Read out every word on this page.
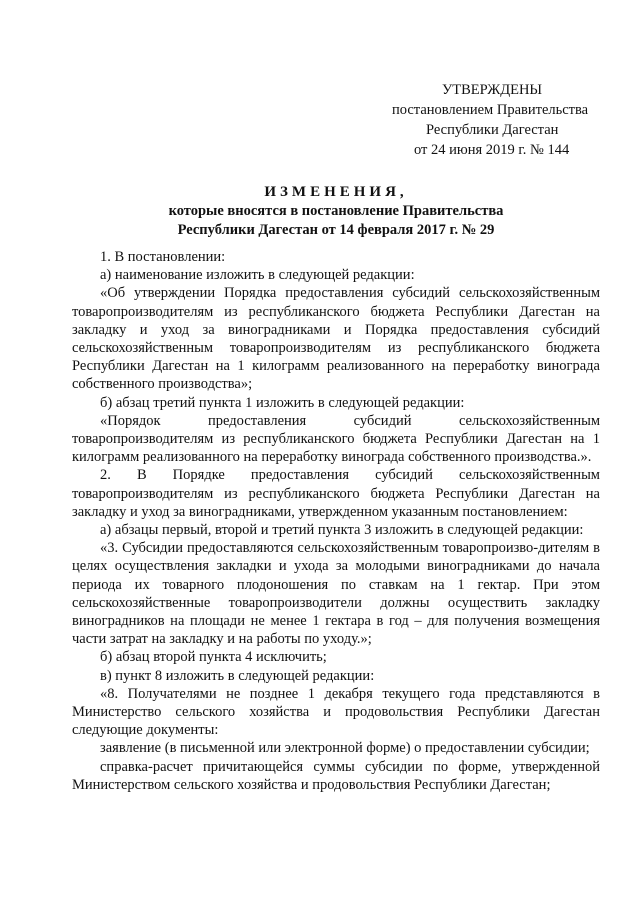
УТВЕРЖДЕНЫ
постановлением Правительства
Республики Дагестан
от 24 июня 2019 г. № 144
ИЗМЕНЕНИЯ,
которые вносятся в постановление Правительства
Республики Дагестан от 14 февраля 2017 г. № 29

1. В постановлении:

а) наименование изложить в следующей редакции:

«Об утверждении Порядка предоставления субсидий сельскохозяйственным товаропроизводителям из республиканского бюджета Республики Дагестан на закладку и уход за виноградниками и Порядка предоставления субсидий сельскохозяйственным товаропроизводителям из республиканского бюджета Республики Дагестан на 1 килограмм реализованного на переработку винограда собственного производства»;

б) абзац третий пункта 1 изложить в следующей редакции:

«Порядок предоставления субсидий сельскохозяйственным товаропроизводителям из республиканского бюджета Республики Дагестан на 1 килограмм реализованного на переработку винограда собственного производства.».

2. В Порядке предоставления субсидий сельскохозяйственным товаропроизводителям из республиканского бюджета Республики Дагестан на закладку и уход за виноградниками, утвержденном указанным постановлением:

а) абзацы первый, второй и третий пункта 3 изложить в следующей редакции:

«3. Субсидии предоставляются сельскохозяйственным товаропроизво-дителям в целях осуществления закладки и ухода за молодыми виноградниками до начала периода их товарного плодоношения по ставкам на 1 гектар. При этом сельскохозяйственные товаропроизводители должны осуществить закладку виноградников на площади не менее 1 гектара в год – для получения возмещения части затрат на закладку и на работы по уходу.»;

б) абзац второй пункта 4 исключить;

в) пункт 8 изложить в следующей редакции:

«8. Получателями не позднее 1 декабря текущего года представляются в Министерство сельского хозяйства и продовольствия Республики Дагестан следующие документы:

заявление (в письменной или электронной форме) о предоставлении субсидии;

справка-расчет причитающейся суммы субсидии по форме, утвержденной Министерством сельского хозяйства и продовольствия Республики Дагестан;
